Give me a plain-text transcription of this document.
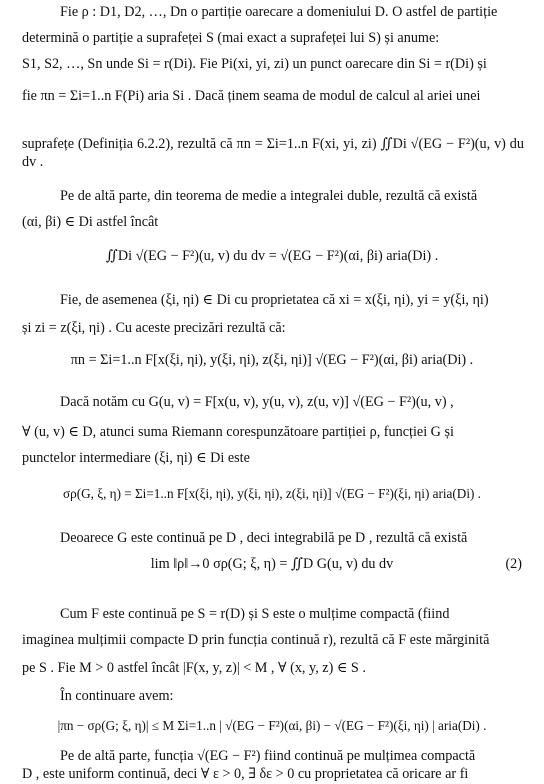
Fie ρ : D1, D2, …, Dn o partiție oarecare a domeniului D. O astfel de partiție

determină o partiție a suprafeței S (mai exact a suprafeței lui S) și anume:

S1, S2, …, Sn unde Si = r(Di). Fie Pi(xi, yi, zi) un punct oarecare din Si = r(Di) și

fie πn = Σi=1..n F(Pi) aria Si . Dacă ținem seama de modul de calcul al ariei unei

suprafețe (Definiția 6.2.2), rezultă că πn = Σi=1..n F(xi, yi, zi) ∬Di √(EG − F²)(u, v) du dv .

Pe de altă parte, din teorema de medie a integralei duble, rezultă că există

(αi, βi) ∈ Di astfel încât

∬Di √(EG − F²)(u, v) du dv = √(EG − F²)(αi, βi) aria(Di) .

Fie, de asemenea (ξi, ηi) ∈ Di cu proprietatea că xi = x(ξi, ηi), yi = y(ξi, ηi)

și zi = z(ξi, ηi) . Cu aceste precizări rezultă că:

πn = Σi=1..n F[x(ξi, ηi), y(ξi, ηi), z(ξi, ηi)] √(EG − F²)(αi, βi) aria(Di) .

Dacă notăm cu G(u, v) = F[x(u, v), y(u, v), z(u, v)] √(EG − F²)(u, v) ,

∀ (u, v) ∈ D, atunci suma Riemann corespunzătoare partiției ρ, funcției G și

punctelor intermediare (ξi, ηi) ∈ Di este

σρ(G, ξ, η) = Σi=1..n F[x(ξi, ηi), y(ξi, ηi), z(ξi, ηi)] √(EG − F²)(ξi, ηi) aria(Di) .

Deoarece G este continuă pe D , deci integrabilă pe D , rezultă că există

lim ‖ρ‖→0 σρ(G; ξ, η) = ∬D G(u, v) du dv	(2)

Cum F este continuă pe S = r(D) și S este o mulțime compactă (fiind

imaginea mulțimii compacte D prin funcția continuă r), rezultă că F este mărginită

pe S . Fie M > 0 astfel încât |F(x, y, z)| < M , ∀ (x, y, z) ∈ S .

În continuare avem:

|πn − σρ(G; ξ, η)| ≤ M Σi=1..n | √(EG − F²)(αi, βi) − √(EG − F²)(ξi, ηi) | aria(Di) .

Pe de altă parte, funcția √(EG − F²) fiind continuă pe mulțimea compactă

D , este uniform continuă, deci ∀ ε > 0, ∃ δε > 0 cu proprietatea că oricare ar fi
